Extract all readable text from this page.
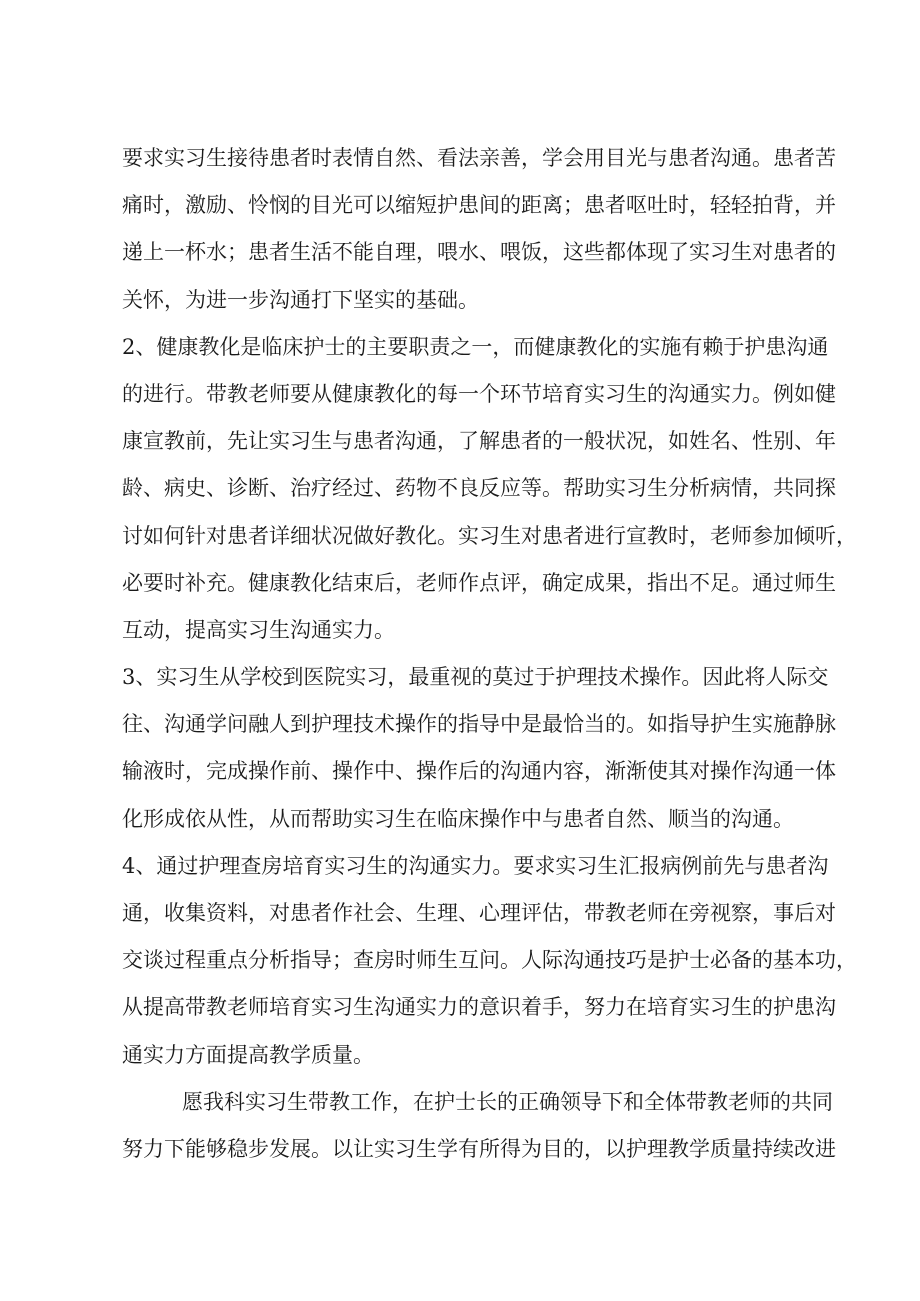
要求实习生接待患者时表情自然、看法亲善，学会用目光与患者沟通。患者苦
痛时，激励、怜悯的目光可以缩短护患间的距离；患者呕吐时，轻轻拍背，并
递上一杯水；患者生活不能自理，喂水、喂饭，这些都体现了实习生对患者的
关怀，为进一步沟通打下坚实的基础。
2、健康教化是临床护士的主要职责之一，而健康教化的实施有赖于护患沟通
的进行。带教老师要从健康教化的每一个环节培育实习生的沟通实力。例如健
康宣教前，先让实习生与患者沟通，了解患者的一般状况，如姓名、性别、年
龄、病史、诊断、治疗经过、药物不良反应等。帮助实习生分析病情，共同探
讨如何针对患者详细状况做好教化。实习生对患者进行宣教时，老师参加倾听，
必要时补充。健康教化结束后，老师作点评，确定成果，指出不足。通过师生
互动，提高实习生沟通实力。
3、实习生从学校到医院实习，最重视的莫过于护理技术操作。因此将人际交
往、沟通学问融人到护理技术操作的指导中是最恰当的。如指导护生实施静脉
输液时，完成操作前、操作中、操作后的沟通内容，渐渐使其对操作沟通一体
化形成依从性，从而帮助实习生在临床操作中与患者自然、顺当的沟通。
4、通过护理查房培育实习生的沟通实力。要求实习生汇报病例前先与患者沟
通，收集资料，对患者作社会、生理、心理评估，带教老师在旁视察，事后对
交谈过程重点分析指导；查房时师生互问。人际沟通技巧是护士必备的基本功，
从提高带教老师培育实习生沟通实力的意识着手，努力在培育实习生的护患沟
通实力方面提高教学质量。
愿我科实习生带教工作，在护士长的正确领导下和全体带教老师的共同
努力下能够稳步发展。以让实习生学有所得为目的，以护理教学质量持续改进
